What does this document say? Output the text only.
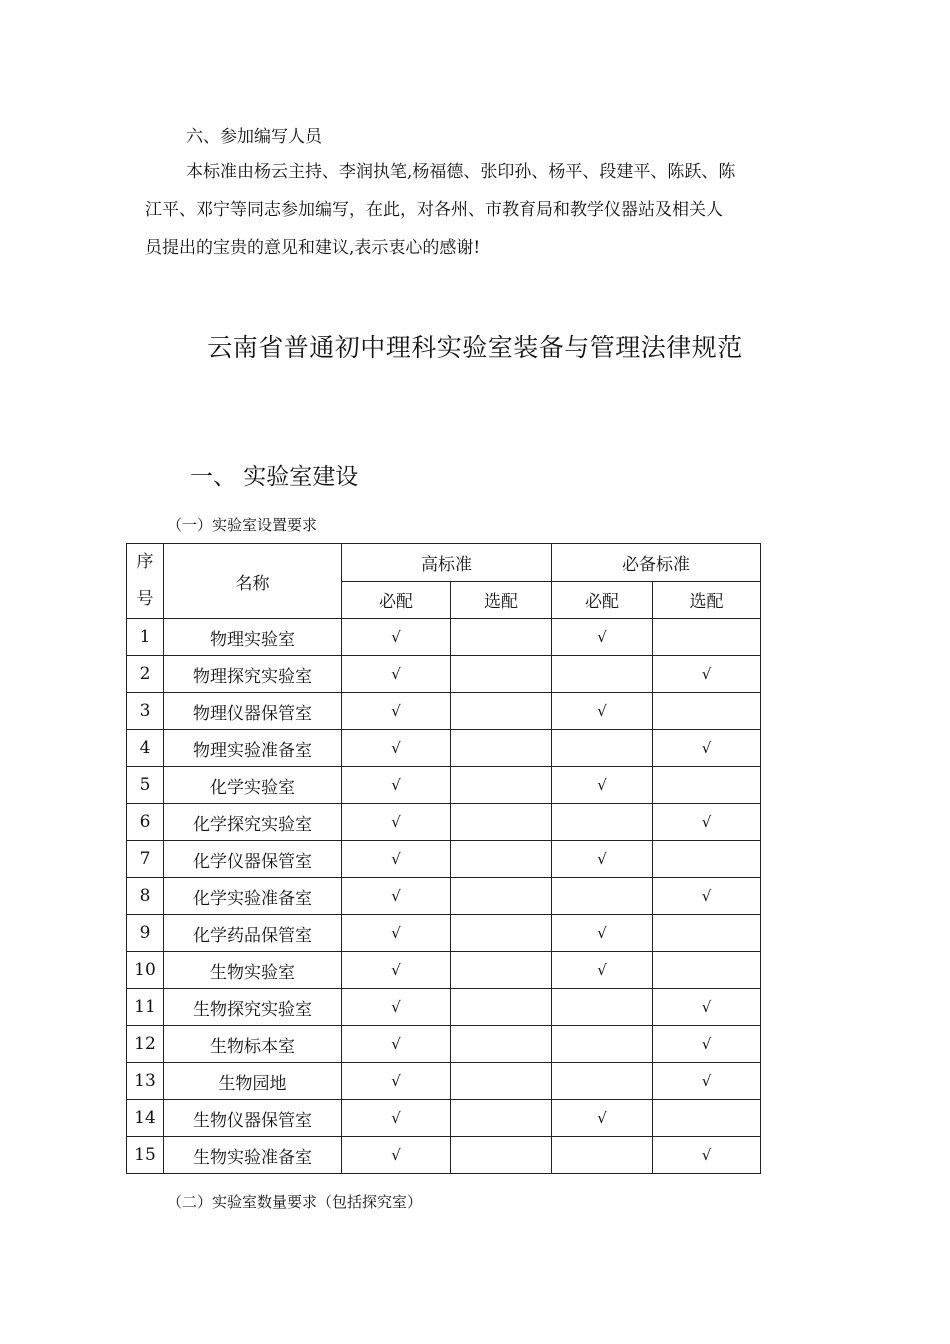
六、参加编写人员
本标准由杨云主持、李润执笔,杨福德、张印孙、杨平、段建平、陈跃、陈
江平、邓宁等同志参加编写，在此，对各州、市教育局和教学仪器站及相关人
员提出的宝贵的意见和建议,表示衷心的感谢!
云南省普通初中理科实验室装备与管理法律规范
一、 实验室建设
（一）实验室设置要求
序
号	名称	高标准		必备标准	
		必配	选配	必配	选配
1	物理实验室	√		√	
2	物理探究实验室	√			√
3	物理仪器保管室	√		√	
4	物理实验准备室	√			√
5	化学实验室	√		√	
6	化学探究实验室	√			√
7	化学仪器保管室	√		√	
8	化学实验准备室	√			√
9	化学药品保管室	√		√	
10	生物实验室	√		√	
11	生物探究实验室	√			√
12	生物标本室	√			√
13	生物园地	√			√
14	生物仪器保管室	√		√	
15	生物实验准备室	√			√
（二）实验室数量要求（包括探究室）
